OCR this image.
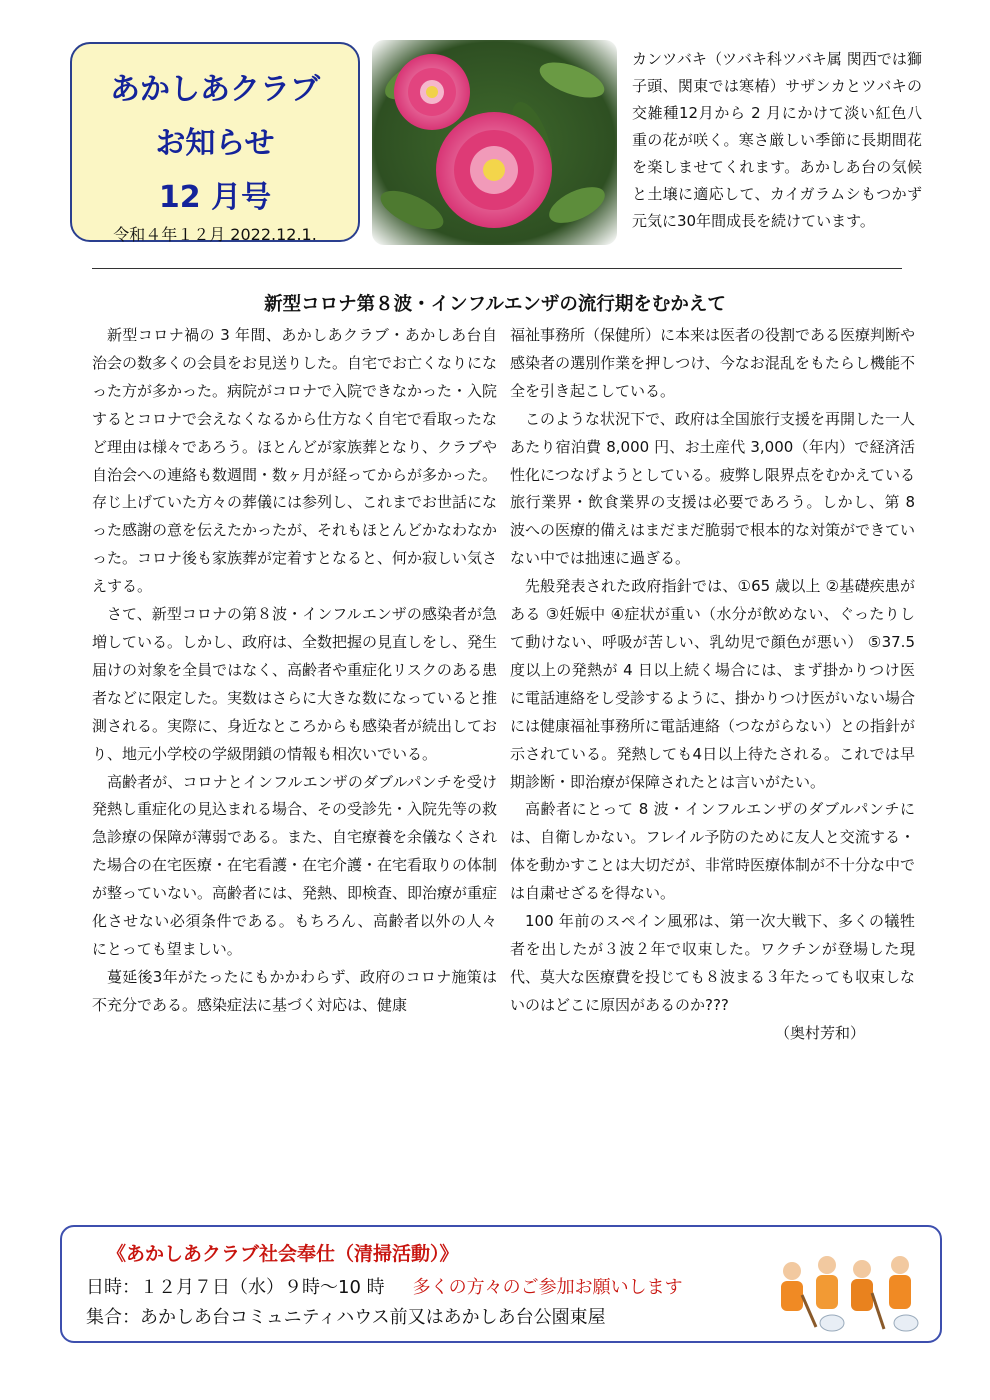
あかしあクラブ
お知らせ
12 月号
令和４年１２月 2022.12.1.
カンツバキ（ツバキ科ツバキ属 関西では獅子頭、関東では寒椿）サザンカとツバキの交雑種12月から 2 月にかけて淡い紅色八重の花が咲く。寒さ厳しい季節に長期間花を楽しませてくれます。あかしあ台の気候と土壌に適応して、カイガラムシもつかず元気に30年間成長を続けています。
新型コロナ第８波・インフルエンザの流行期をむかえて

新型コロナ禍の 3 年間、あかしあクラブ・あかしあ台自治会の数多くの会員をお見送りした。自宅でお亡くなりになった方が多かった。病院がコロナで入院できなかった・入院するとコロナで会えなくなるから仕方なく自宅で看取ったなど理由は様々であろう。ほとんどが家族葬となり、クラブや自治会への連絡も数週間・数ヶ月が経ってからが多かった。存じ上げていた方々の葬儀には参列し、これまでお世話になった感謝の意を伝えたかったが、それもほとんどかなわなかった。コロナ後も家族葬が定着すとなると、何か寂しい気さえする。

さて、新型コロナの第８波・インフルエンザの感染者が急増している。しかし、政府は、全数把握の見直しをし、発生届けの対象を全員ではなく、高齢者や重症化リスクのある患者などに限定した。実数はさらに大きな数になっていると推測される。実際に、身近なところからも感染者が続出しており、地元小学校の学級閉鎖の情報も相次いでいる。

高齢者が、コロナとインフルエンザのダブルパンチを受け発熱し重症化の見込まれる場合、その受診先・入院先等の救急診療の保障が薄弱である。また、自宅療養を余儀なくされた場合の在宅医療・在宅看護・在宅介護・在宅看取りの体制が整っていない。高齢者には、発熱、即検査、即治療が重症化させない必須条件である。もちろん、高齢者以外の人々にとっても望ましい。

蔓延後3年がたったにもかかわらず、政府のコロナ施策は不充分である。感染症法に基づく対応は、健康

福祉事務所（保健所）に本来は医者の役割である医療判断や感染者の選別作業を押しつけ、今なお混乱をもたらし機能不全を引き起こしている。

このような状況下で、政府は全国旅行支援を再開した一人あたり宿泊費 8,000 円、お土産代 3,000（年内）で経済活性化につなげようとしている。疲弊し限界点をむかえている旅行業界・飲食業界の支援は必要であろう。しかし、第 8 波への医療的備えはまだまだ脆弱で根本的な対策ができていない中では拙速に過ぎる。

先般発表された政府指針では、①65 歳以上 ②基礎疾患がある ③妊娠中 ④症状が重い（水分が飲めない、ぐったりして動けない、呼吸が苦しい、乳幼児で顔色が悪い） ⑤37.5 度以上の発熱が 4 日以上続く場合には、まず掛かりつけ医に電話連絡をし受診するように、掛かりつけ医がいない場合には健康福祉事務所に電話連絡（つながらない）との指針が示されている。発熱しても4日以上待たされる。これでは早期診断・即治療が保障されたとは言いがたい。

高齢者にとって 8 波・インフルエンザのダブルパンチには、自衛しかない。フレイル予防のために友人と交流する・体を動かすことは大切だが、非常時医療体制が不十分な中では自粛せざるを得ない。

100 年前のスペイン風邪は、第一次大戦下、多くの犠牲者を出したが３波２年で収束した。ワクチンが登場した現代、莫大な医療費を投じても８波まる３年たっても収束しないのはどこに原因があるのか???

（奥村芳和）

《あかしあクラブ社会奉仕（清掃活動）》
日時：１２月７日（水）９時～10 時 多くの方々のご参加お願いします
集合：あかしあ台コミュニティハウス前又はあかしあ台公園東屋
